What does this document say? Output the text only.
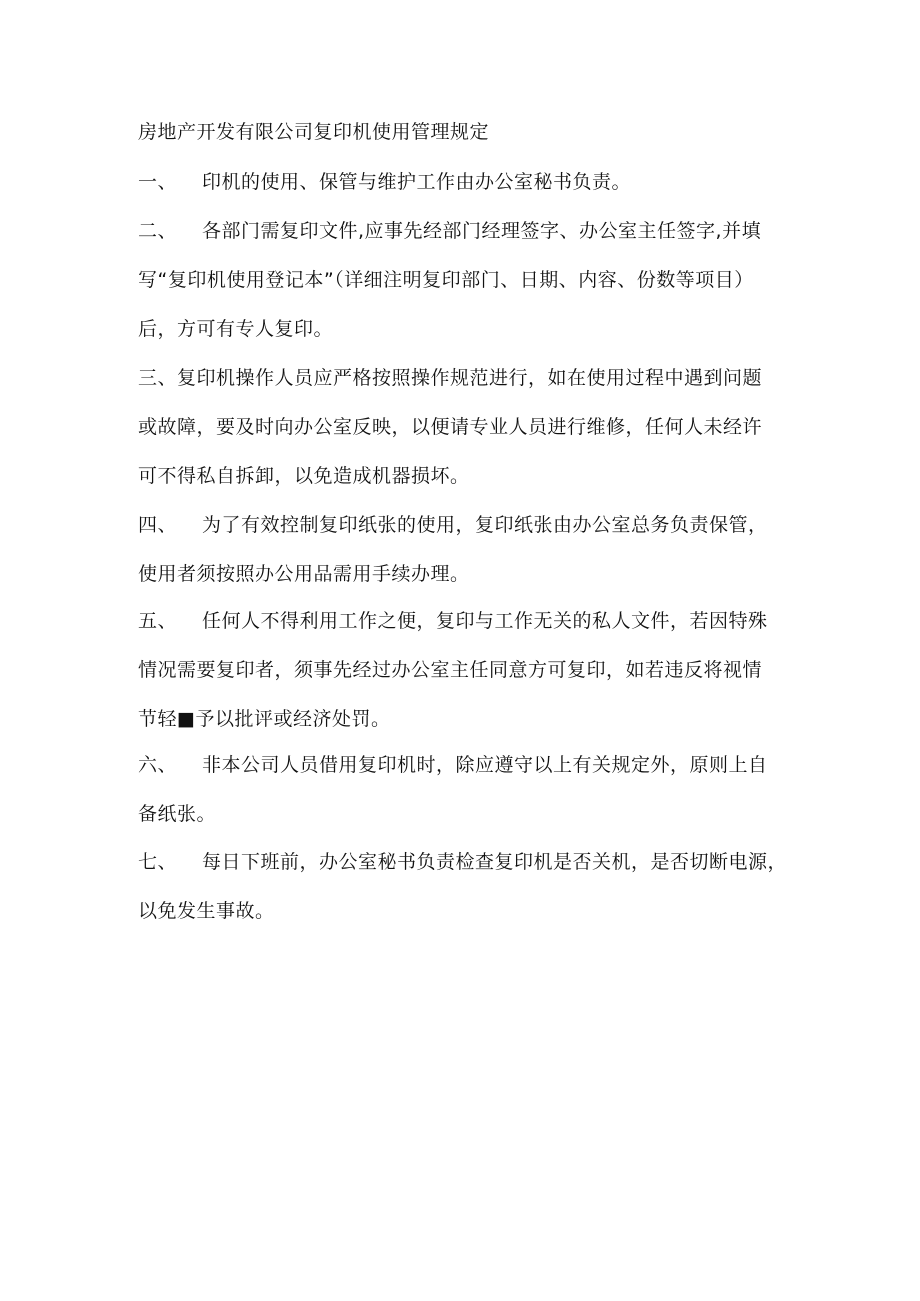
房地产开发有限公司复印机使用管理规定
一、 印机的使用、保管与维护工作由办公室秘书负责。
二、 各部门需复印文件,应事先经部门经理签字、办公室主任签字,并填
写“复印机使用登记本”（详细注明复印部门、日期、内容、份数等项目）
后，方可有专人复印。
三、复印机操作人员应严格按照操作规范进行，如在使用过程中遇到问题
或故障，要及时向办公室反映，以便请专业人员进行维修，任何人未经许
可不得私自拆卸，以免造成机器损坏。
四、 为了有效控制复印纸张的使用，复印纸张由办公室总务负责保管，
使用者须按照办公用品需用手续办理。
五、 任何人不得利用工作之便，复印与工作无关的私人文件，若因特殊
情况需要复印者，须事先经过办公室主任同意方可复印，如若违反将视情
节轻■予以批评或经济处罚。
六、 非本公司人员借用复印机时，除应遵守以上有关规定外，原则上自
备纸张。
七、 每日下班前，办公室秘书负责检查复印机是否关机，是否切断电源，
以免发生事故。
